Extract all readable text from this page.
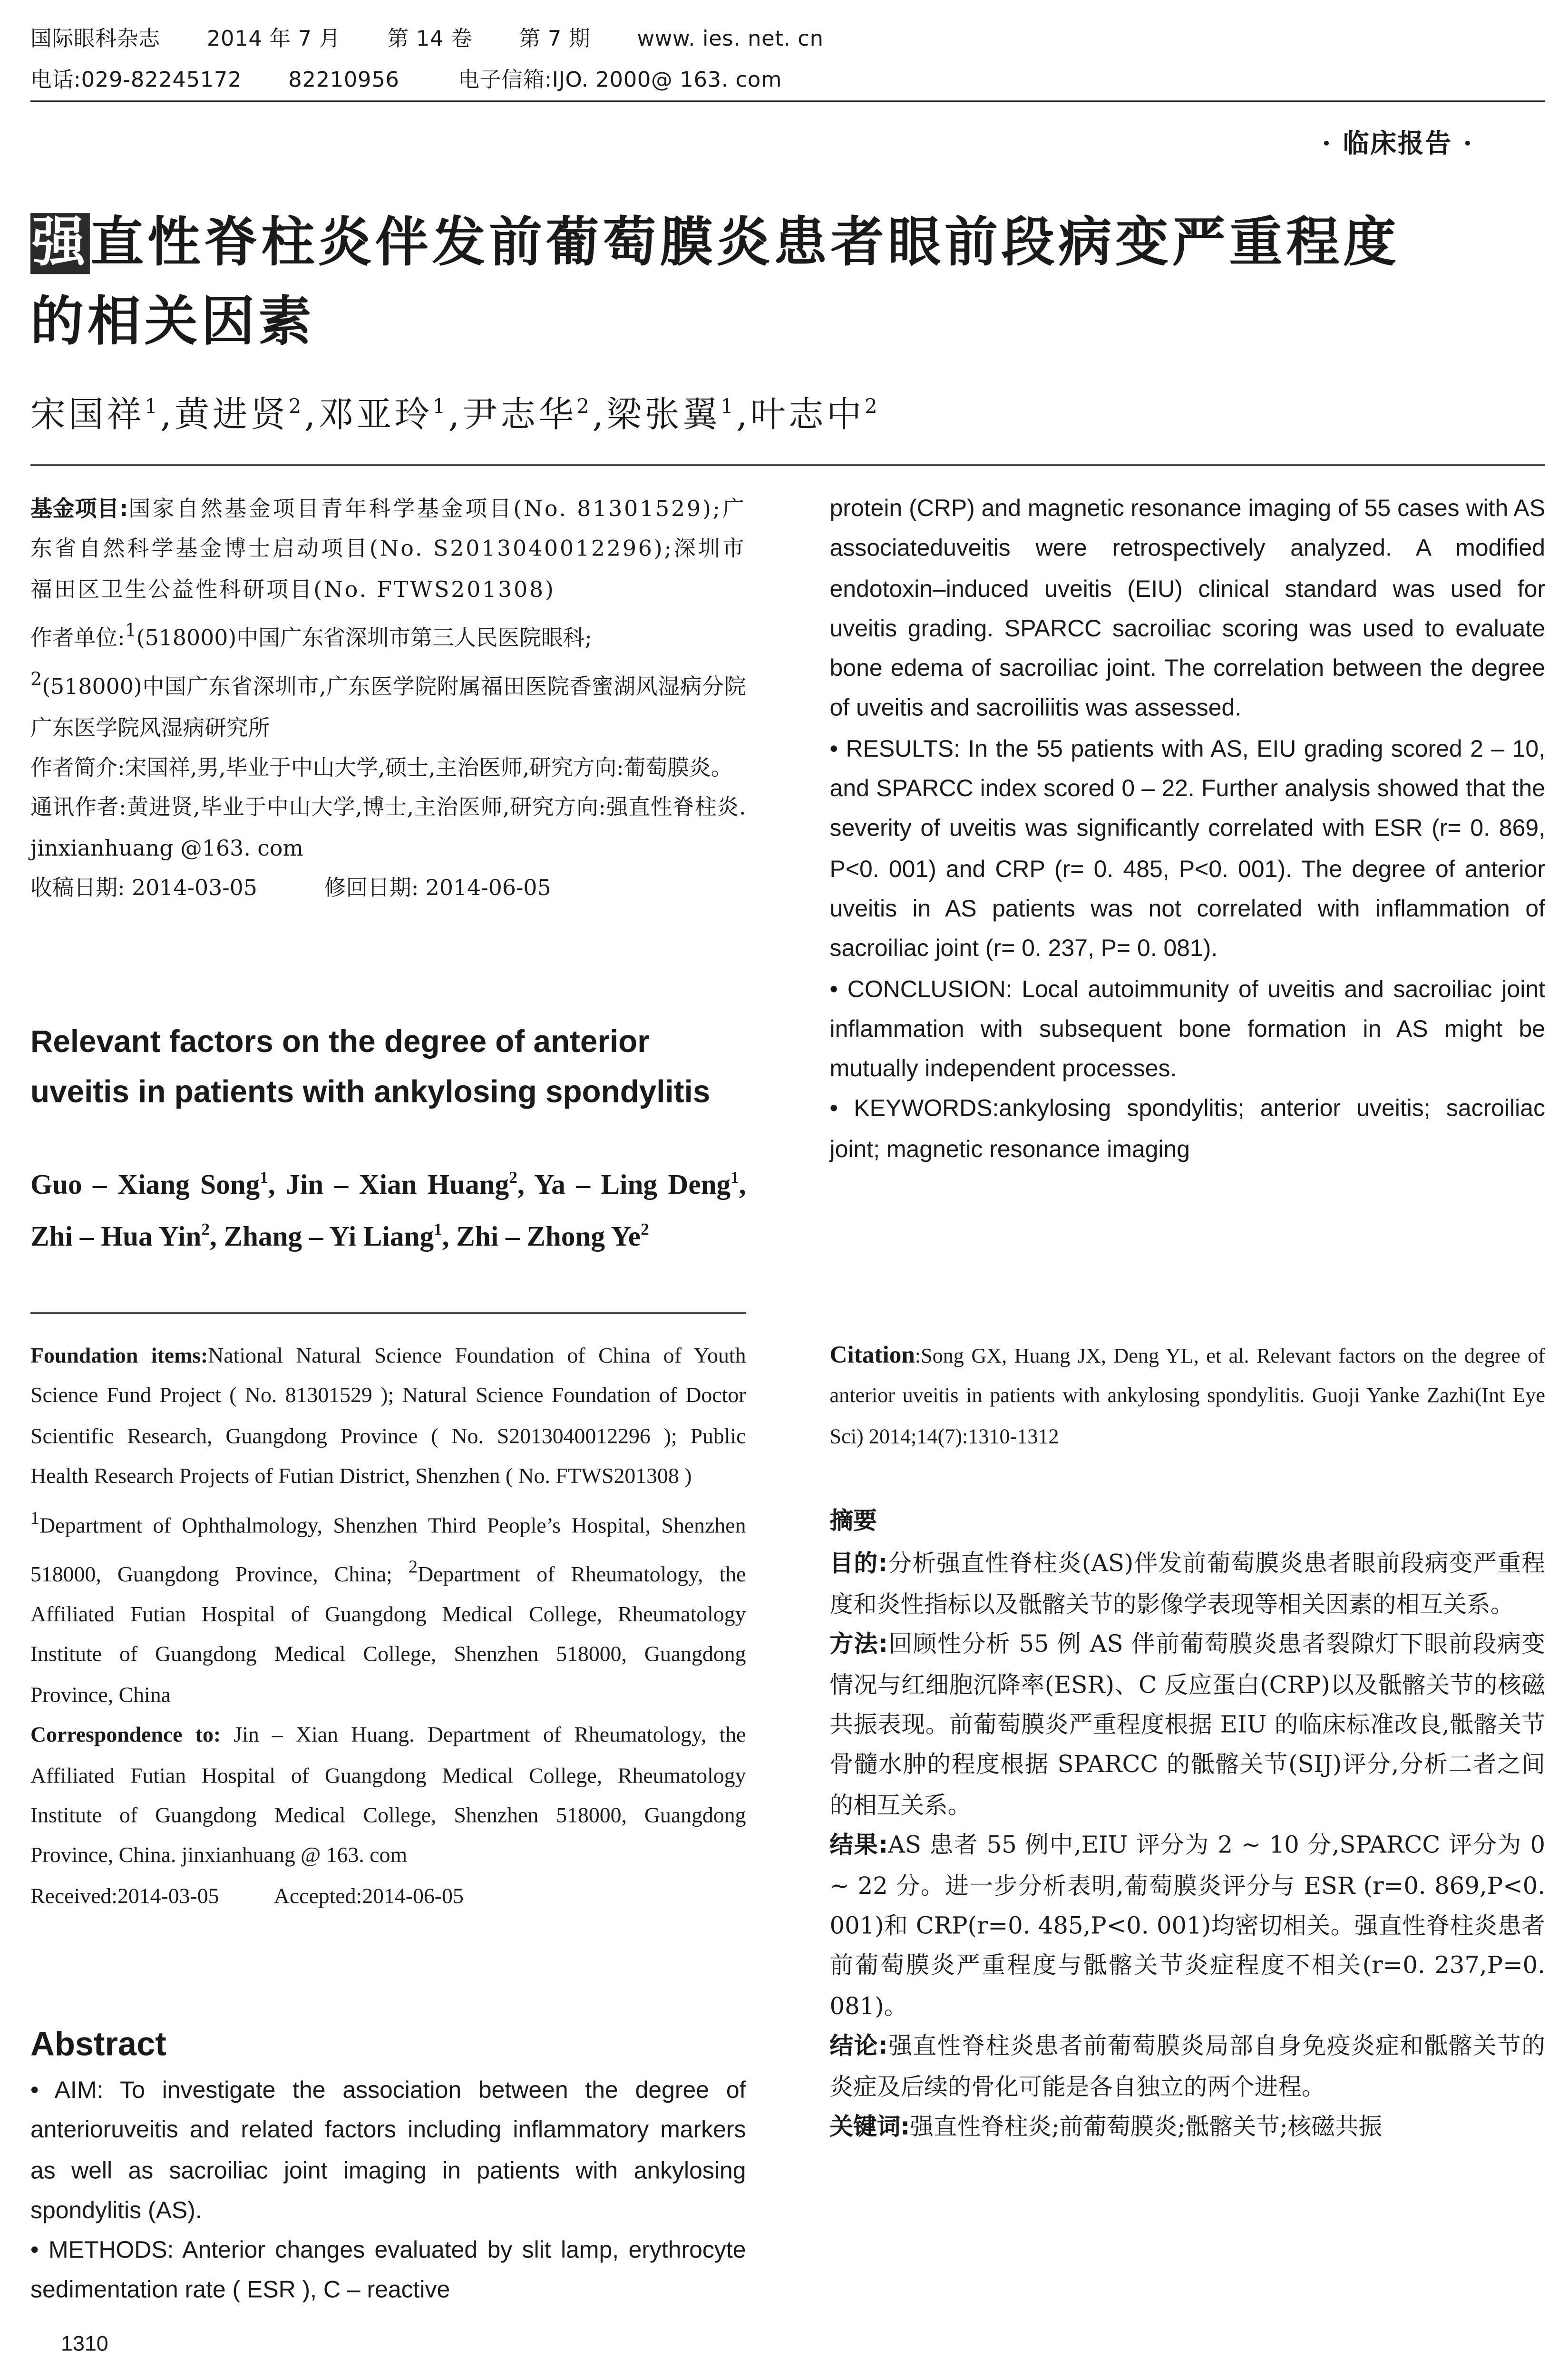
国际眼科杂志	2014 年 7 月	第 14 卷	第 7 期	www. ies. net. cn
电话:029-82245172	82210956	电子信箱:IJO. 2000@ 163. com
· 临床报告 ·
强直性脊柱炎伴发前葡萄膜炎患者眼前段病变严重程度
的相关因素
宋国祥$^1$,黄进贤$^2$,邓亚玲$^1$,尹志华$^2$,梁张翼$^1$,叶志中$^2$
基金项目:国家自然基金项目青年科学基金项目(No. 81301529);广东省自然科学基金博士启动项目(No. S2013040012296);深圳市福田区卫生公益性科研项目(No. FTWS201308)
作者单位:$^1$(518000)中国广东省深圳市第三人民医院眼科;
$^2$(518000)中国广东省深圳市,广东医学院附属福田医院香蜜湖风湿病分院 广东医学院风湿病研究所
作者简介:宋国祥,男,毕业于中山大学,硕士,主治医师,研究方向:葡萄膜炎。
通讯作者:黄进贤,毕业于中山大学,博士,主治医师,研究方向:强直性脊柱炎. jinxianhuang @163. com
收稿日期: 2014-03-05	修回日期: 2014-06-05
Relevant factors on the degree of anterior uveitis in patients with ankylosing spondylitis
Guo – Xiang Song$^1$, Jin – Xian Huang$^2$, Ya – Ling Deng$^1$, Zhi – Hua Yin$^2$, Zhang – Yi Liang$^1$, Zhi – Zhong Ye$^2$
Foundation items:National Natural Science Foundation of China of Youth Science Fund Project ( No. 81301529 ); Natural Science Foundation of Doctor Scientific Research, Guangdong Province ( No. S2013040012296 ); Public Health Research Projects of Futian District, Shenzhen ( No. FTWS201308 )
$^1$Department of Ophthalmology, Shenzhen Third People’s Hospital, Shenzhen 518000, Guangdong Province, China;	$^2$Department of Rheumatology, the Affiliated Futian Hospital of Guangdong Medical College, Rheumatology Institute of Guangdong Medical College, Shenzhen 518000, Guangdong Province, China
Correspondence to: Jin – Xian Huang. Department of Rheumatology, the Affiliated Futian Hospital of Guangdong Medical College, Rheumatology Institute of Guangdong Medical College, Shenzhen 518000, Guangdong Province, China. jinxianhuang @ 163. com
Received:2014-03-05	Accepted:2014-06-05
Abstract
• AIM: To investigate the association between the degree of anterioruveitis and related factors including inflammatory markers as well as sacroiliac joint imaging in patients with ankylosing spondylitis (AS).
• METHODS: Anterior changes evaluated by slit lamp, erythrocyte sedimentation rate ( ESR ), C – reactive
1310
protein (CRP) and magnetic resonance imaging of 55 cases with AS associateduveitis were retrospectively analyzed. A modified endotoxin–induced uveitis (EIU) clinical standard was used for uveitis grading. SPARCC sacroiliac scoring was used to evaluate bone edema of sacroiliac joint. The correlation between the degree of uveitis and sacroiliitis was assessed.
• RESULTS: In the 55 patients with AS, EIU grading scored 2 – 10, and SPARCC index scored 0 – 22. Further analysis showed that the severity of uveitis was significantly correlated with ESR (r= 0. 869, P<0. 001) and CRP (r= 0. 485, P<0. 001). The degree of anterior uveitis in AS patients was not correlated with inflammation of sacroiliac joint (r= 0. 237, P= 0. 081).
• CONCLUSION: Local autoimmunity of uveitis and sacroiliac joint inflammation with subsequent bone formation in AS might be mutually independent processes.
• KEYWORDS:ankylosing spondylitis; anterior uveitis; sacroiliac joint; magnetic resonance imaging
Citation:Song GX, Huang JX, Deng YL, et al. Relevant factors on the degree of anterior uveitis in patients with ankylosing spondylitis. Guoji Yanke Zazhi(Int Eye Sci) 2014;14(7):1310-1312
摘要
目的:分析强直性脊柱炎(AS)伴发前葡萄膜炎患者眼前段病变严重程度和炎性指标以及骶髂关节的影像学表现等相关因素的相互关系。
方法:回顾性分析 55 例 AS 伴前葡萄膜炎患者裂隙灯下眼前段病变情况与红细胞沉降率(ESR)、C 反应蛋白(CRP)以及骶髂关节的核磁共振表现。前葡萄膜炎严重程度根据 EIU 的临床标准改良,骶髂关节骨髓水肿的程度根据 SPARCC 的骶髂关节(SIJ)评分,分析二者之间的相互关系。
结果:AS 患者 55 例中,EIU 评分为 2 ~ 10 分,SPARCC 评分为 0 ~ 22 分。进一步分析表明,葡萄膜炎评分与 ESR (r=0. 869,P<0. 001)和 CRP(r=0. 485,P<0. 001)均密切相关。强直性脊柱炎患者前葡萄膜炎严重程度与骶髂关节炎症程度不相关(r=0. 237,P=0. 081)。
结论:强直性脊柱炎患者前葡萄膜炎局部自身免疫炎症和骶髂关节的炎症及后续的骨化可能是各自独立的两个进程。
关键词:强直性脊柱炎;前葡萄膜炎;骶髂关节;核磁共振
